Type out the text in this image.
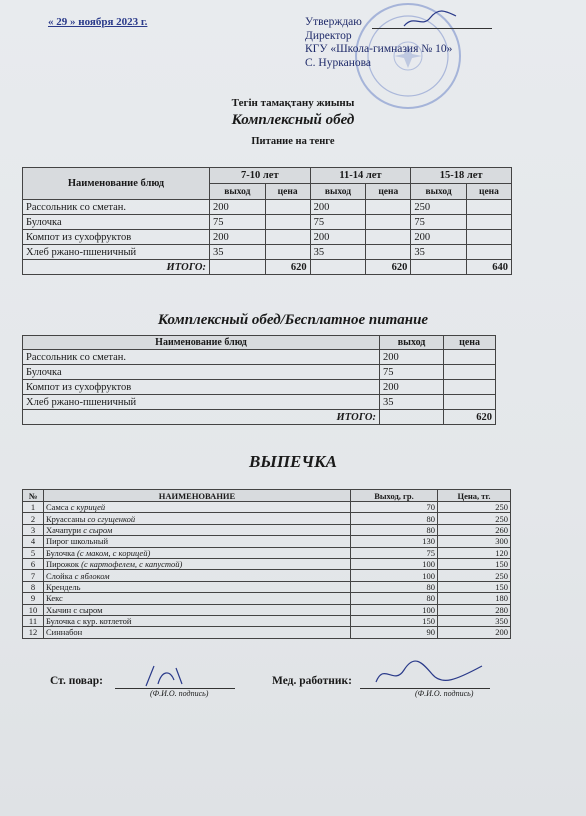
« 29 » ноября 2023 г.	Утверждаю
Директор
КГУ «Школа-гимназия № 10»
С. Нурканова
Тегін тамақтану жиыны
Комплексный обед
Питание на тенге
Наименование блюд	7-10 лет		11-14 лет		15-18 лет	
	выход	цена	выход	цена	выход	цена
Рассольник со сметан.	200		200		250	
Булочка	75		75		75	
Компот из сухофруктов	200		200		200	
Хлеб ржано-пшеничный	35		35		35	
ИТОГО:		620		620		640
Комплексный обед/Бесплатное питание
Наименование блюд	выход	цена
Рассольник со сметан.	200	
Булочка	75	
Компот из сухофруктов	200	
Хлеб ржано-пшеничный	35	
ИТОГО:		620
ВЫПЕЧКА
№	НАИМЕНОВАНИЕ	Выход, гр.	Цена, тг.
1	Самса с курицей	70	250
2	Круассаны со сгущенкой	80	250
3	Хачапури с сыром	80	260
4	Пирог школьный	130	300
5	Булочка (с маком, с корицей)	75	120
6	Пирожок (с картофелем, с капустой)	100	150
7	Слойка с яблоком	100	250
8	Крендель	80	150
9	Кекс	80	180
10	Хычин с сыром	100	280
11	Булочка с кур. котлетой	150	350
12	Синнабон	90	200
Ст. повар:
(Ф.И.О. подпись)
Мед. работник:
(Ф.И.О. подпись)
